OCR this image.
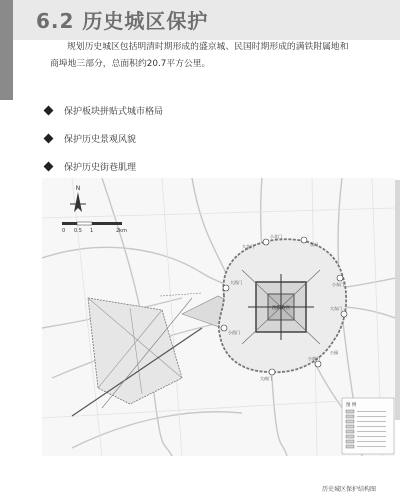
6.2 历史城区保护
规划历史城区包括明清时期形成的盛京城、民国时期形成的满铁附属地和商埠地三部分，总面积约20.7平方公里。
保护板块拼贴式城市格局
保护历史景观风貌
保护历史街巷肌理
N
0 0.5 1	2km
沈阳故宫
小北门
东门
小东门
大东门
小南门
大南门
小西门
大西门
公园
大北门
图 例
历史城区保护结构图
